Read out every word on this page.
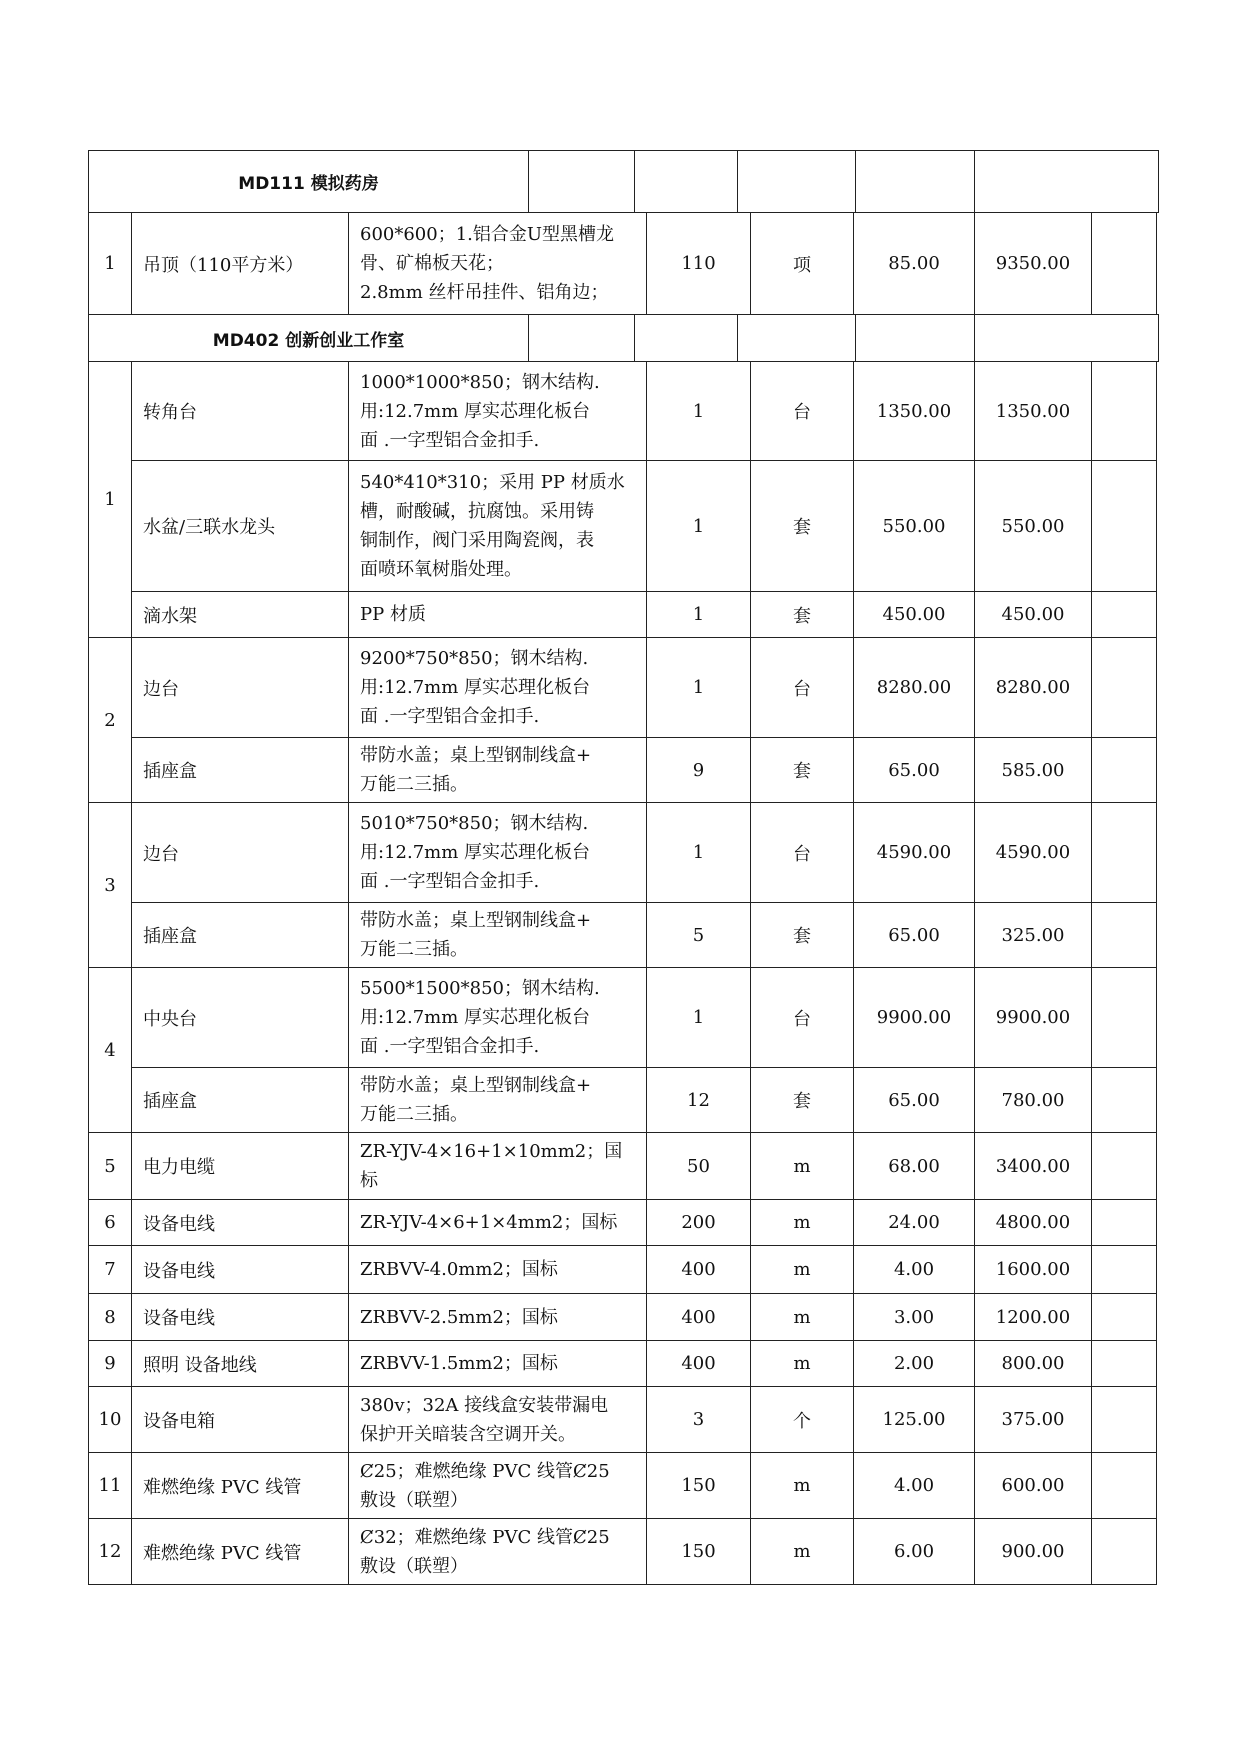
MD111 模拟药房					
1	吊顶（110平方米）	600*600；1.铝合金U型黑槽龙
骨、矿棉板天花；
2.8mm 丝杆吊挂件、铝角边；	110	项	85.00	9350.00	
MD402 创新创业工作室					
1	转角台	1000*1000*850；钢木结构.
用:12.7mm 厚实芯理化板台
面 .一字型铝合金扣手.	1	台	1350.00	1350.00	
	水盆/三联水龙头	540*410*310；采用 PP 材质水
槽，耐酸碱，抗腐蚀。采用铸
铜制作，阀门采用陶瓷阀，表
面喷环氧树脂处理。	1	套	550.00	550.00	
	滴水架	PP 材质	1	套	450.00	450.00	
2	边台	9200*750*850；钢木结构.
用:12.7mm 厚实芯理化板台
面 .一字型铝合金扣手.	1	台	8280.00	8280.00	
	插座盒	带防水盖；桌上型钢制线盒+
万能二三插。	9	套	65.00	585.00	
3	边台	5010*750*850；钢木结构.
用:12.7mm 厚实芯理化板台
面 .一字型铝合金扣手.	1	台	4590.00	4590.00	
	插座盒	带防水盖；桌上型钢制线盒+
万能二三插。	5	套	65.00	325.00	
4	中央台	5500*1500*850；钢木结构.
用:12.7mm 厚实芯理化板台
面 .一字型铝合金扣手.	1	台	9900.00	9900.00	
	插座盒	带防水盖；桌上型钢制线盒+
万能二三插。	12	套	65.00	780.00	
5	电力电缆	ZR-YJV-4×16+1×10mm2；国
标	50	m	68.00	3400.00	
6	设备电线	ZR-YJV-4×6+1×4mm2；国标	200	m	24.00	4800.00	
7	设备电线	ZRBVV-4.0mm2；国标	400	m	4.00	1600.00	
8	设备电线	ZRBVV-2.5mm2；国标	400	m	3.00	1200.00	
9	照明 设备地线	ZRBVV-1.5mm2；国标	400	m	2.00	800.00	
10	设备电箱	380v；32A 接线盒安装带漏电
保护开关暗装含空调开关。	3	个	125.00	375.00	
11	难燃绝缘 PVC 线管	Ȼ25；难燃绝缘 PVC 线管Ȼ25
敷设（联塑）	150	m	4.00	600.00	
12	难燃绝缘 PVC 线管	Ȼ32；难燃绝缘 PVC 线管Ȼ25
敷设（联塑）	150	m	6.00	900.00	
